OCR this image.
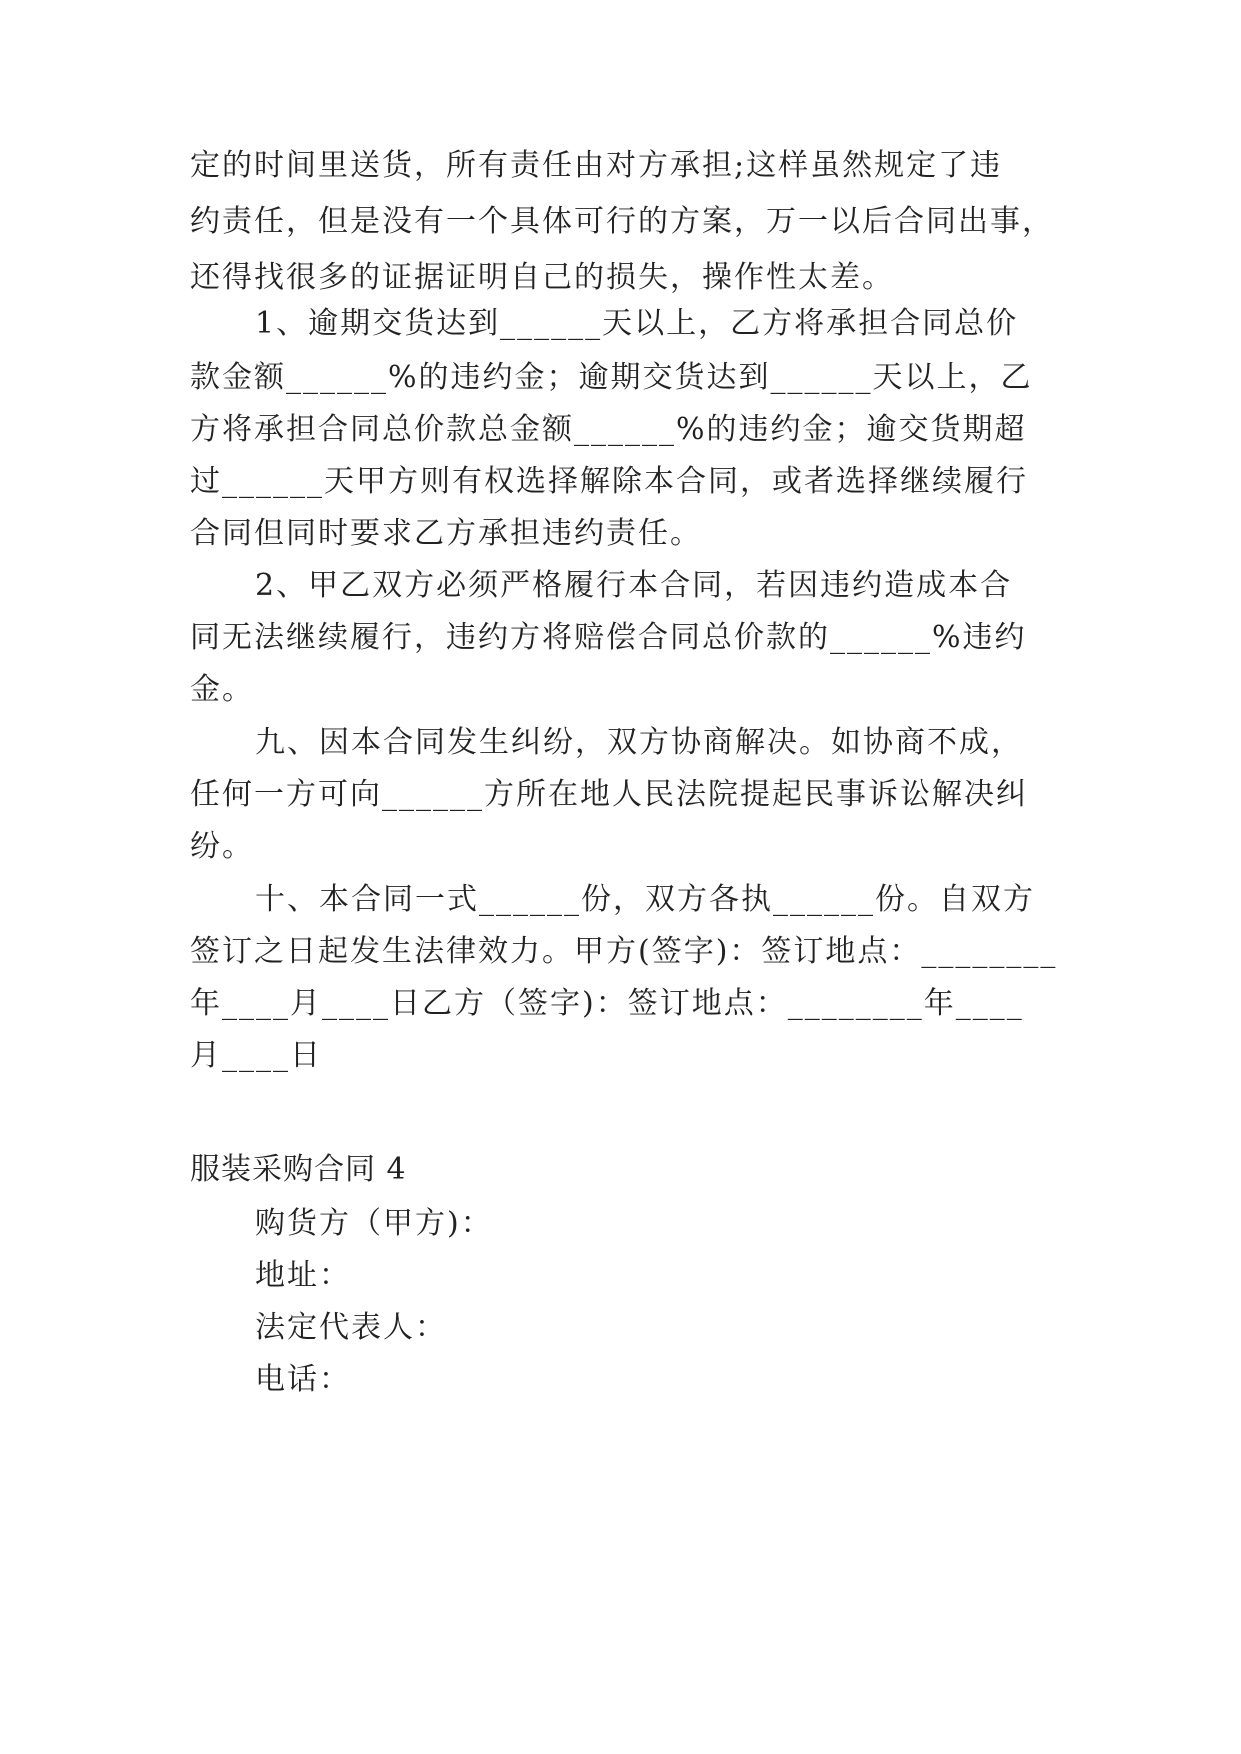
定的时间里送货，所有责任由对方承担;这样虽然规定了违
约责任，但是没有一个具体可行的方案，万一以后合同出事，
还得找很多的证据证明自己的损失，操作性太差。
1、逾期交货达到______天以上，乙方将承担合同总价
款金额______%的违约金；逾期交货达到______天以上，乙
方将承担合同总价款总金额______%的违约金；逾交货期超
过______天甲方则有权选择解除本合同，或者选择继续履行
合同但同时要求乙方承担违约责任。
2、甲乙双方必须严格履行本合同，若因违约造成本合
同无法继续履行，违约方将赔偿合同总价款的______%违约
金。
九、因本合同发生纠纷，双方协商解决。如协商不成，
任何一方可向______方所在地人民法院提起民事诉讼解决纠
纷。
十、本合同一式______份，双方各执______份。自双方
签订之日起发生法律效力。甲方(签字)：签订地点：________
年____月____日乙方（签字)：签订地点：________年____
月____日
服装采购合同 4
购货方（甲方)：
地址：
法定代表人：
电话：
